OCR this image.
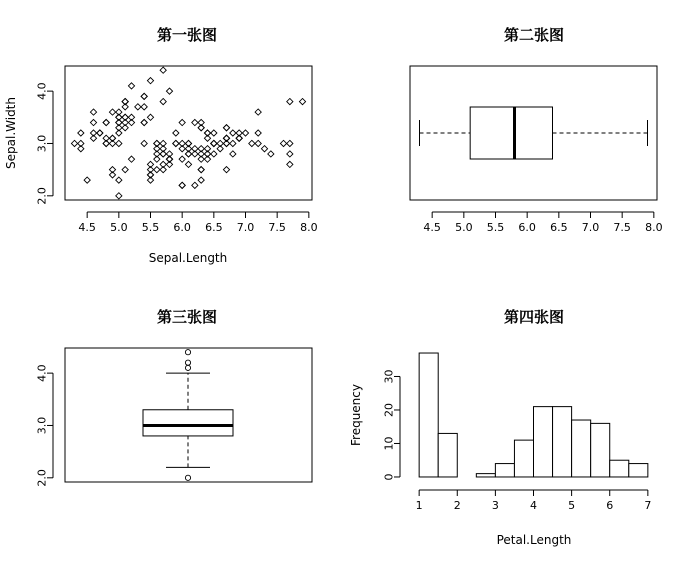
第一张图
4.5 5.0 5.5 6.0 6.5 7.0 7.5 8.0
2.0
3.0
4.0
Sepal.Length
Sepal.Width
第二张图
4.5 5.0 5.5 6.0 6.5 7.0 7.5 8.0
第三张图
2.0
3.0
4.0
第四张图
1	2	3	4	5	6	7
0
10
20
30
Petal.Length
Frequency
